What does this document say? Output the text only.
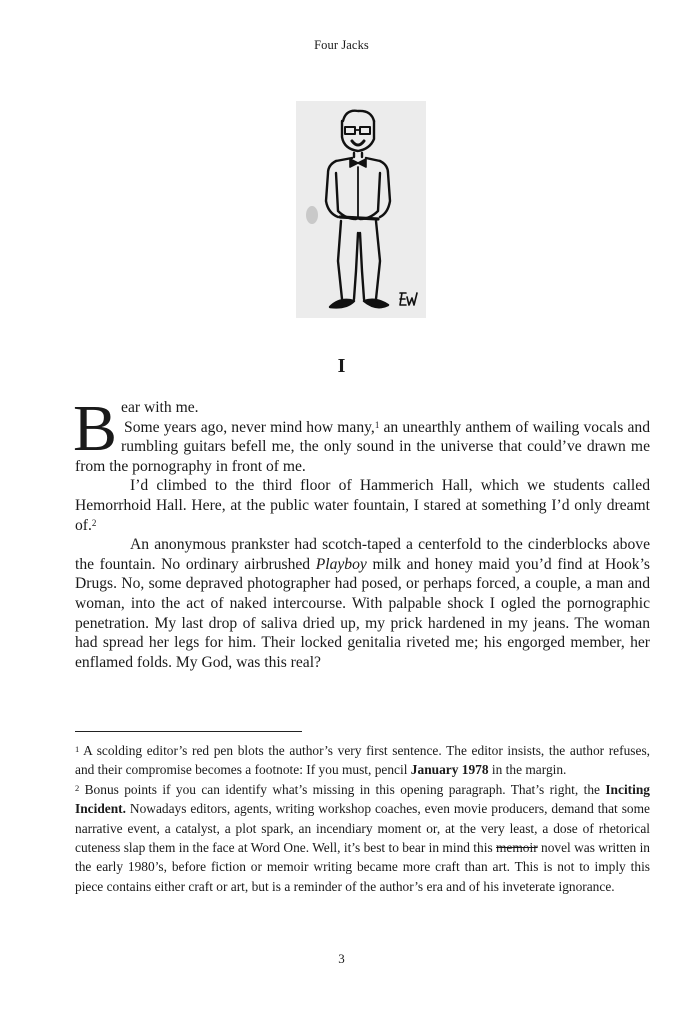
Four Jacks
I

Bear with me.

Some years ago, never mind how many,$^1$ an unearthly anthem of wailing vocals and rumbling guitars befell me, the only sound in the universe that could’ve drawn me from the pornography in front of me.

I’d climbed to the third floor of Hammerich Hall, which we students called Hemorrhoid Hall. Here, at the public water fountain, I stared at something I’d only dreamt of.$^2$

An anonymous prankster had scotch-taped a centerfold to the cinderblocks above the fountain. No ordinary airbrushed Playboy milk and honey maid you’d find at Hook’s Drugs. No, some depraved photographer had posed, or perhaps forced, a couple, a man and woman, into the act of naked intercourse. With palpable shock I ogled the pornographic penetration. My last drop of saliva dried up, my prick hardened in my jeans. The woman had spread her legs for him. Their locked genitalia riveted me; his engorged member, her enflamed folds. My God, was this real?

$^1$ A scolding editor’s red pen blots the author’s very first sentence. The editor insists, the author refuses, and their compromise becomes a footnote: If you must, pencil January 1978 in the margin.

$^2$ Bonus points if you can identify what’s missing in this opening paragraph. That’s right, the Inciting Incident. Nowadays editors, agents, writing workshop coaches, even movie producers, demand that some narrative event, a catalyst, a plot spark, an incendiary moment or, at the very least, a dose of rhetorical cuteness slap them in the face at Word One. Well, it’s best to bear in mind this memoir novel was written in the early 1980’s, before fiction or memoir writing became more craft than art. This is not to imply this piece contains either craft or art, but is a reminder of the author’s era and of his inveterate ignorance.

3
